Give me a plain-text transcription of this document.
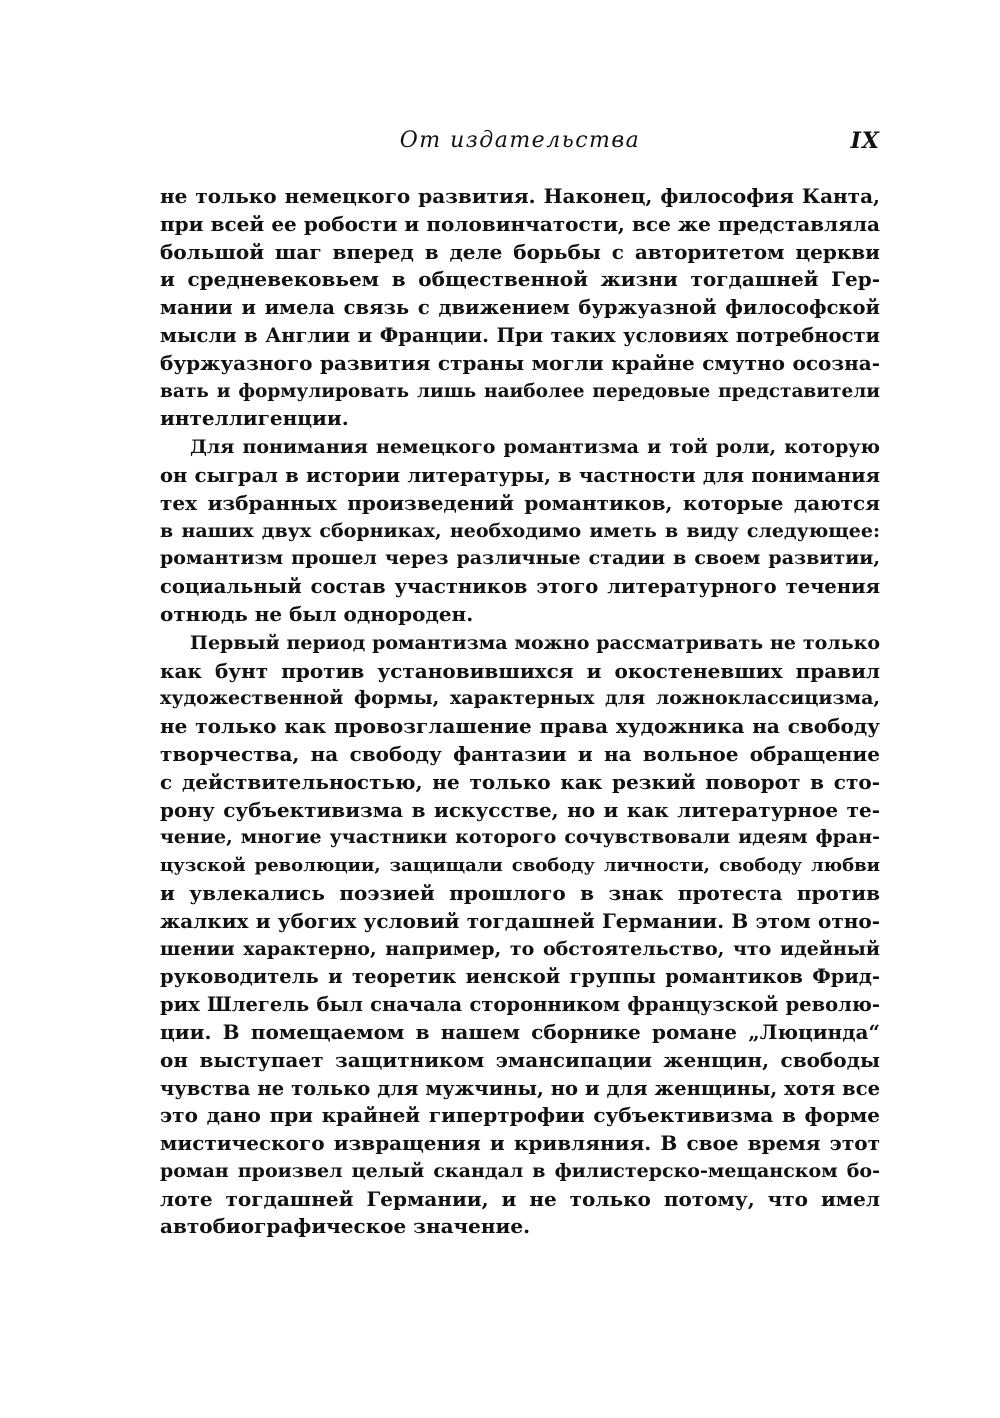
От издательства	IX
не только немецкого развития. Наконец, философия Канта,
при всей ее робости и половинчатости, все же представляла
большой шаг вперед в деле борьбы с авторитетом церкви
и средневековьем в общественной жизни тогдашней Гер-
мании и имела связь с движением буржуазной философской
мысли в Англии и Франции. При таких условиях потребности
буржуазного развития страны могли крайне смутно осозна-
вать и формулировать лишь наиболее передовые представители
интеллигенции.
Для понимания немецкого романтизма и той роли, которую
он сыграл в истории литературы, в частности для понимания
тех избранных произведений романтиков, которые даются
в наших двух сборниках, необходимо иметь в виду следующее:
романтизм прошел через различные стадии в своем развитии,
социальный состав участников этого литературного течения
отнюдь не был однороден.
Первый период романтизма можно рассматривать не только
как бунт против установившихся и окостеневших правил
художественной формы, характерных для ложноклассицизма,
не только как провозглашение права художника на свободу
творчества, на свободу фантазии и на вольное обращение
с действительностью, не только как резкий поворот в сто-
рону субъективизма в искусстве, но и как литературное те-
чение, многие участники которого сочувствовали идеям фран-
цузской революции, защищали свободу личности, свободу любви
и увлекались поэзией прошлого в знак протеста против
жалких и убогих условий тогдашней Германии. В этом отно-
шении характерно, например, то обстоятельство, что идейный
руководитель и теоретик иенской группы романтиков Фрид-
рих Шлегель был сначала сторонником французской револю-
ции. В помещаемом в нашем сборнике романе „Люцинда“
он выступает защитником эмансипации женщин, свободы
чувства не только для мужчины, но и для женщины, хотя все
это дано при крайней гипертрофии субъективизма в форме
мистического извращения и кривляния. В свое время этот
роман произвел целый скандал в филистерско-мещанском бо-
лоте тогдашней Германии, и не только потому, что имел
автобиографическое значение.
